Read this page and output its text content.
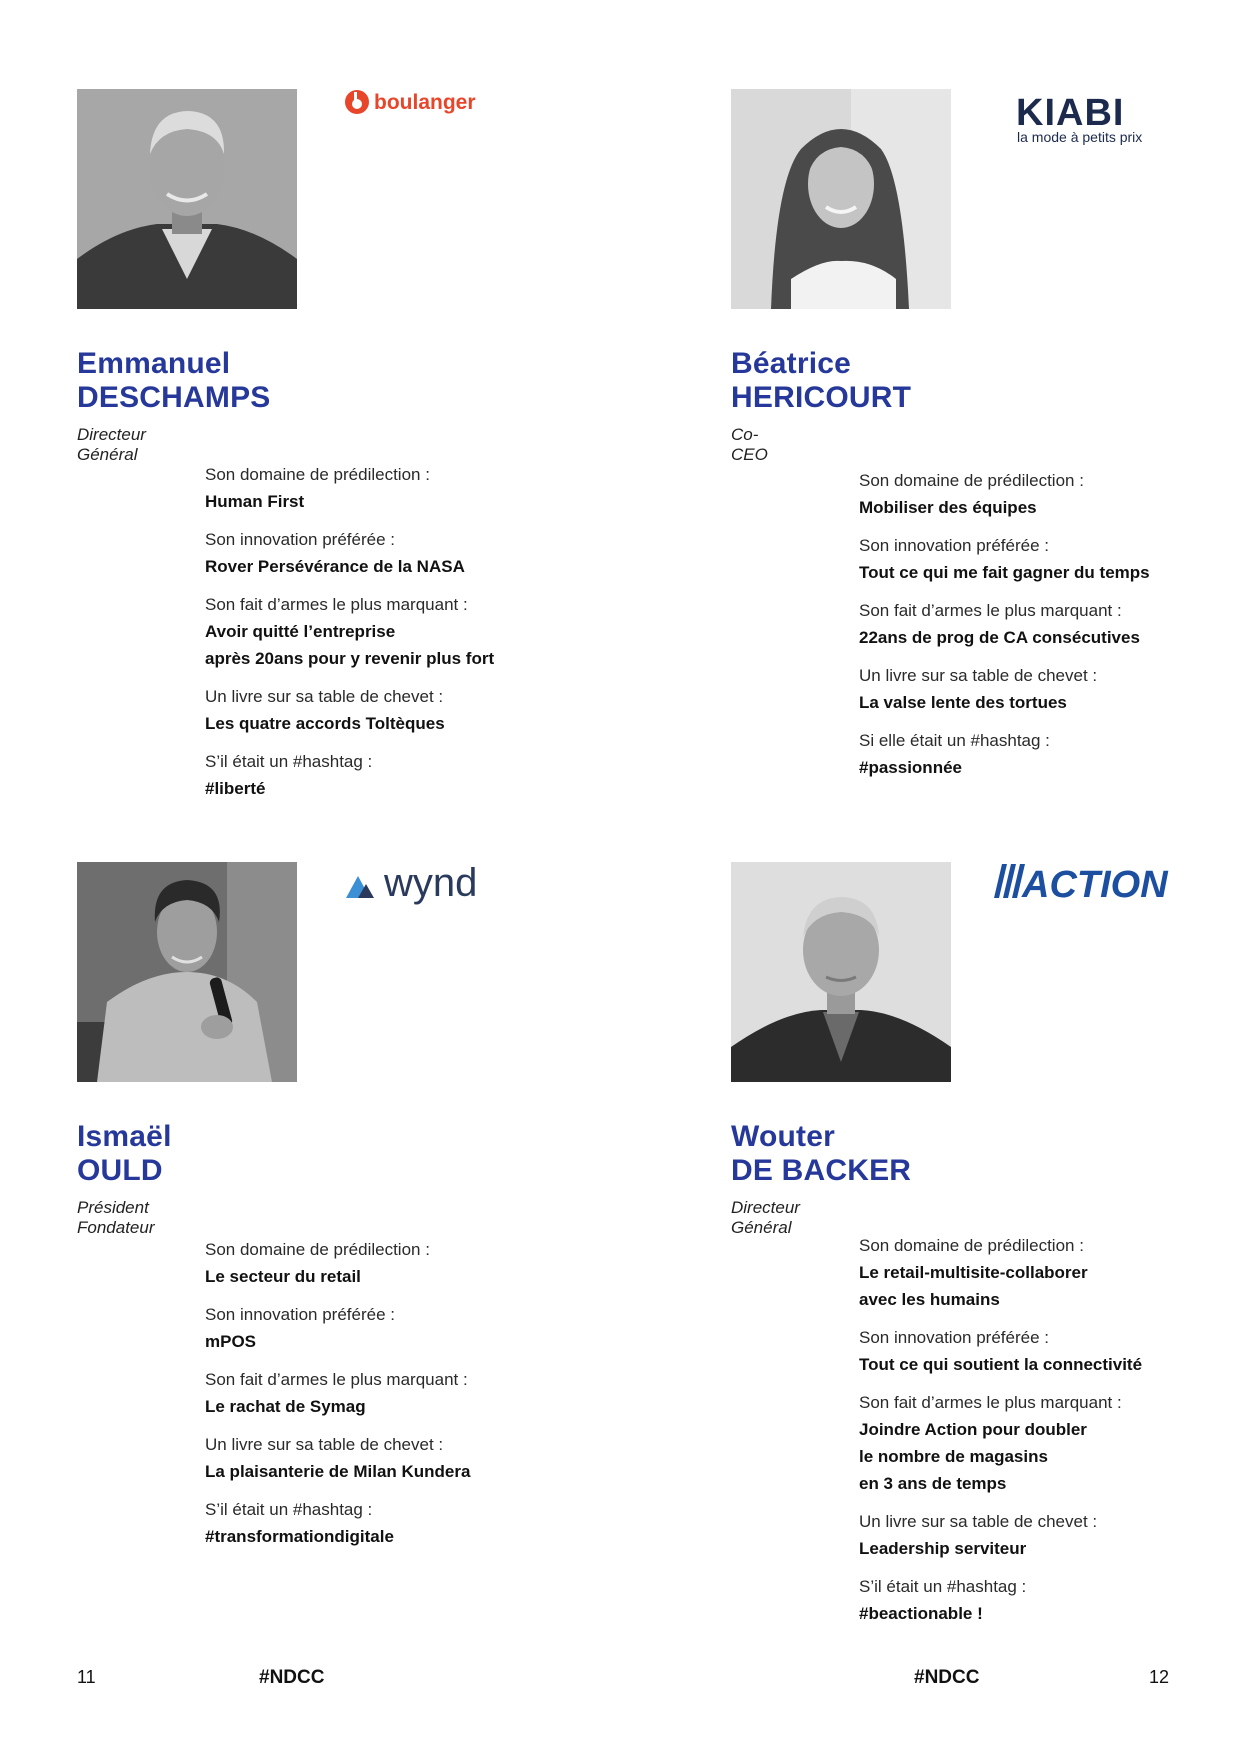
boulanger
Emmanuel
DESCHAMPS
Directeur Général
Son domaine de prédilection :
Human First
Son innovation préférée :
Rover Persévérance de la NASA
Son fait d’armes le plus marquant :
Avoir quitté l’entreprise
après 20ans pour y revenir plus fort
Un livre sur sa table de chevet :
Les quatre accords Toltèques
S’il était un #hashtag :
#liberté
KIABI
la mode à petits prix
Béatrice
HERICOURT
Co-CEO
Son domaine de prédilection :
Mobiliser des équipes
Son innovation préférée :
Tout ce qui me fait gagner du temps
Son fait d’armes le plus marquant :
22ans de prog de CA consécutives
Un livre sur sa table de chevet :
La valse lente des tortues
Si elle était un #hashtag :
#passionnée
wynd
Ismaël
OULD
Président Fondateur
Son domaine de prédilection :
Le secteur du retail
Son innovation préférée :
mPOS
Son fait d’armes le plus marquant :
Le rachat de Symag
Un livre sur sa table de chevet :
La plaisanterie de Milan Kundera
S’il était un #hashtag :
#transformationdigitale
ACTION
Wouter
DE BACKER
Directeur Général
Son domaine de prédilection :
Le retail-multisite-collaborer
avec les humains
Son innovation préférée :
Tout ce qui soutient la connectivité
Son fait d’armes le plus marquant :
Joindre Action pour doubler
le nombre de magasins
en 3 ans de temps
Un livre sur sa table de chevet :
Leadership serviteur
S’il était un #hashtag :
#beactionable !
11	#NDCC	#NDCC	12
